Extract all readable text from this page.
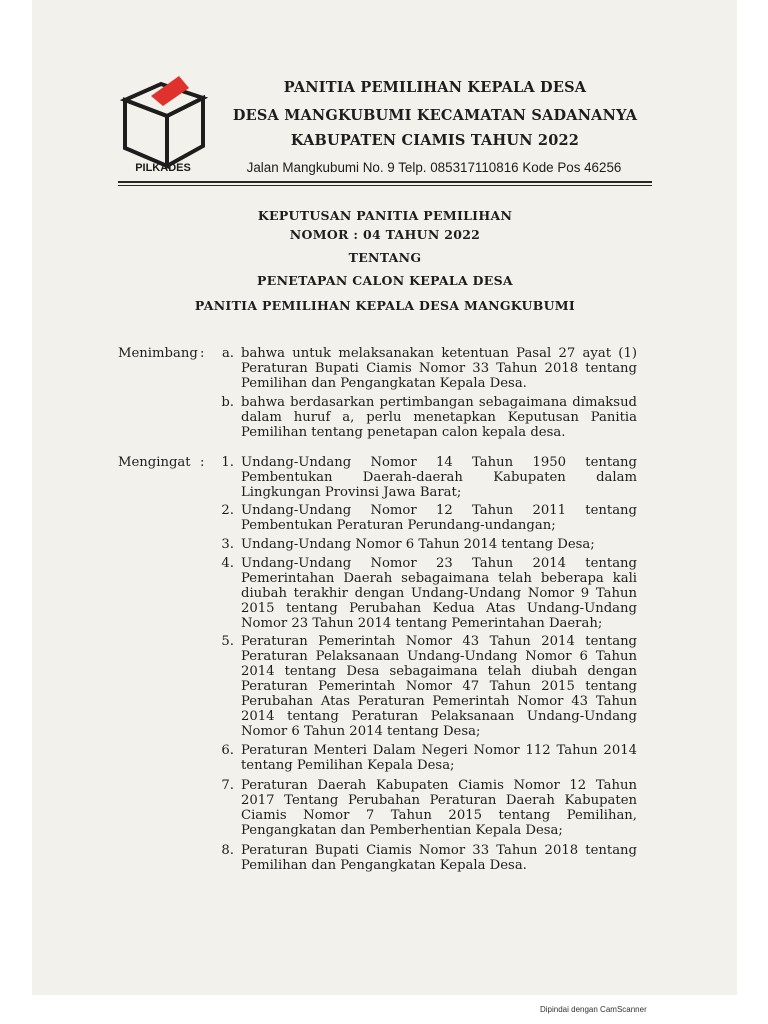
PILKADES
PANITIA PEMILIHAN KEPALA DESA
DESA MANGKUBUMI KECAMATAN SADANANYA
KABUPATEN CIAMIS TAHUN 2022
Jalan Mangkubumi No. 9 Telp. 085317110816 Kode Pos 46256
KEPUTUSAN PANITIA PEMILIHAN
NOMOR : 04 TAHUN 2022
TENTANG
PENETAPAN CALON KEPALA DESA
PANITIA PEMILIHAN KEPALA DESA MANGKUBUMI
Menimbang :	a. bahwa untuk melaksanakan ketentuan Pasal 27 ayat (1) Peraturan Bupati Ciamis Nomor 33 Tahun 2018 tentang Pemilihan dan Pengangkatan Kepala Desa.
b. bahwa berdasarkan pertimbangan sebagaimana dimaksud dalam huruf a, perlu menetapkan Keputusan Panitia Pemilihan tentang penetapan calon kepala desa.
Mengingat :	1. Undang-Undang Nomor 14 Tahun 1950 tentang Pembentukan Daerah-daerah Kabupaten dalam Lingkungan Provinsi Jawa Barat;
2. Undang-Undang Nomor 12 Tahun 2011 tentang Pembentukan Peraturan Perundang-undangan;
3. Undang-Undang Nomor 6 Tahun 2014 tentang Desa;
4. Undang-Undang Nomor 23 Tahun 2014 tentang Pemerintahan Daerah sebagaimana telah beberapa kali diubah terakhir dengan Undang-Undang Nomor 9 Tahun 2015 tentang Perubahan Kedua Atas Undang-Undang Nomor 23 Tahun 2014 tentang Pemerintahan Daerah;
5. Peraturan Pemerintah Nomor 43 Tahun 2014 tentang Peraturan Pelaksanaan Undang-Undang Nomor 6 Tahun 2014 tentang Desa sebagaimana telah diubah dengan Peraturan Pemerintah Nomor 47 Tahun 2015 tentang Perubahan Atas Peraturan Pemerintah Nomor 43 Tahun 2014 tentang Peraturan Pelaksanaan Undang-Undang Nomor 6 Tahun 2014 tentang Desa;
6. Peraturan Menteri Dalam Negeri Nomor 112 Tahun 2014 tentang Pemilihan Kepala Desa;
7. Peraturan Daerah Kabupaten Ciamis Nomor 12 Tahun 2017 Tentang Perubahan Peraturan Daerah Kabupaten Ciamis Nomor 7 Tahun 2015 tentang Pemilihan, Pengangkatan dan Pemberhentian Kepala Desa;
8. Peraturan Bupati Ciamis Nomor 33 Tahun 2018 tentang Pemilihan dan Pengangkatan Kepala Desa.
Dipindai dengan CamScanner
